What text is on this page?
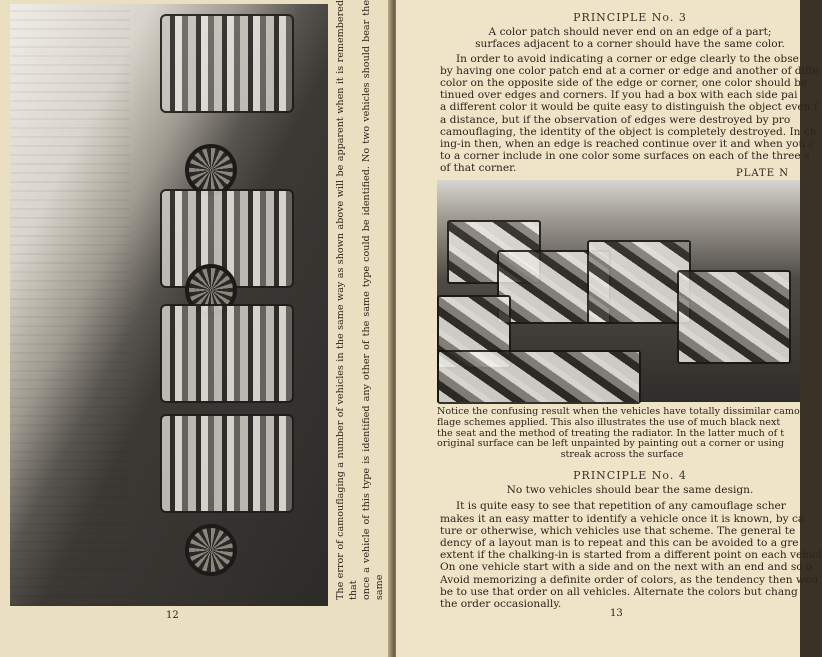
The error of camouflaging a number of vehicles in the same way as shown above will be apparent when it is remembered that once a vehicle of this type is identified any other of the same type could be identified. No two vehicles should bear the same
12
PRINCIPLE No. 3
A color patch should never end on an edge of a part;
surfaces adjacent to a corner should have the same color.
In order to avoid indicating a corner or edge clearly to the obse
by having one color patch end at a corner or edge and another of diffe
color on the opposite side of the edge or corner, one color should be
tinued over edges and corners. If you had a box with each side pai
a different color it would be quite easy to distinguish the object even f
a distance, but if the observation of edges were destroyed by pro
camouflaging, the identity of the object is completely destroyed. In ch
ing-in then, when an edge is reached continue over it and when you c
to a corner include in one color some surfaces on each of the three s
of that corner.	PLATE N
Notice the confusing result when the vehicles have totally dissimilar camo
flage schemes applied. This also illustrates the use of much black next
the seat and the method of treating the radiator. In the latter much of t
original surface can be left unpainted by painting out a corner or using
streak across the surface
PRINCIPLE No. 4
No two vehicles should bear the same design.
It is quite easy to see that repetition of any camouflage scher
makes it an easy matter to identify a vehicle once it is known, by ca
ture or otherwise, which vehicles use that scheme. The general te
dency of a layout man is to repeat and this can be avoided to a gre
extent if the chalking-in is started from a different point on each vehicl
On one vehicle start with a side and on the next with an end and so o
Avoid memorizing a definite order of colors, as the tendency then wou
be to use that order on all vehicles. Alternate the colors but chang
the order occasionally.
13
